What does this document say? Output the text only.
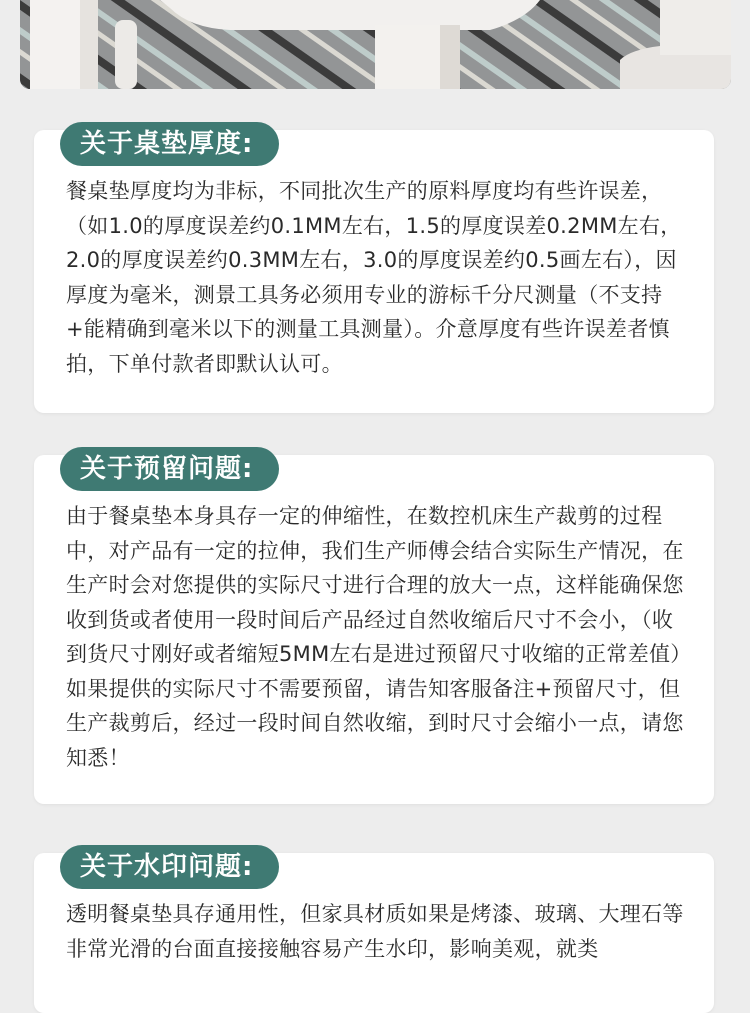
关于桌垫厚度:
餐桌垫厚度均为非标，不同批次生产的原料厚度均有些许误差，（如1.0的厚度误差约0.1MM左右，1.5的厚度误差0.2MM左右，2.0的厚度误差约0.3MM左右，3.0的厚度误差约0.5画左右），因厚度为毫米，测景工具务必须用专业的游标千分尺测量（不支持+能精确到毫米以下的测量工具测量）。介意厚度有些许误差者慎拍，下单付款者即默认认可。
关于预留问题:
由于餐桌垫本身具存一定的伸缩性，在数控机床生产裁剪的过程中，对产品有一定的拉伸，我们生产师傅会结合实际生产情况，在生产时会对您提供的实际尺寸进行合理的放大一点，这样能确保您收到货或者使用一段时间后产品经过自然收缩后尺寸不会小，（收到货尺寸刚好或者缩短5MM左右是进过预留尺寸收缩的正常差值）如果提供的实际尺寸不需要预留，请告知客服备注+预留尺寸，但生产裁剪后，经过一段时间自然收缩，到时尺寸会缩小一点，请您知悉！
关于水印问题:
透明餐桌垫具存通用性，但家具材质如果是烤漆、玻璃、大理石等非常光滑的台面直接接触容易产生水印，影响美观，就类
